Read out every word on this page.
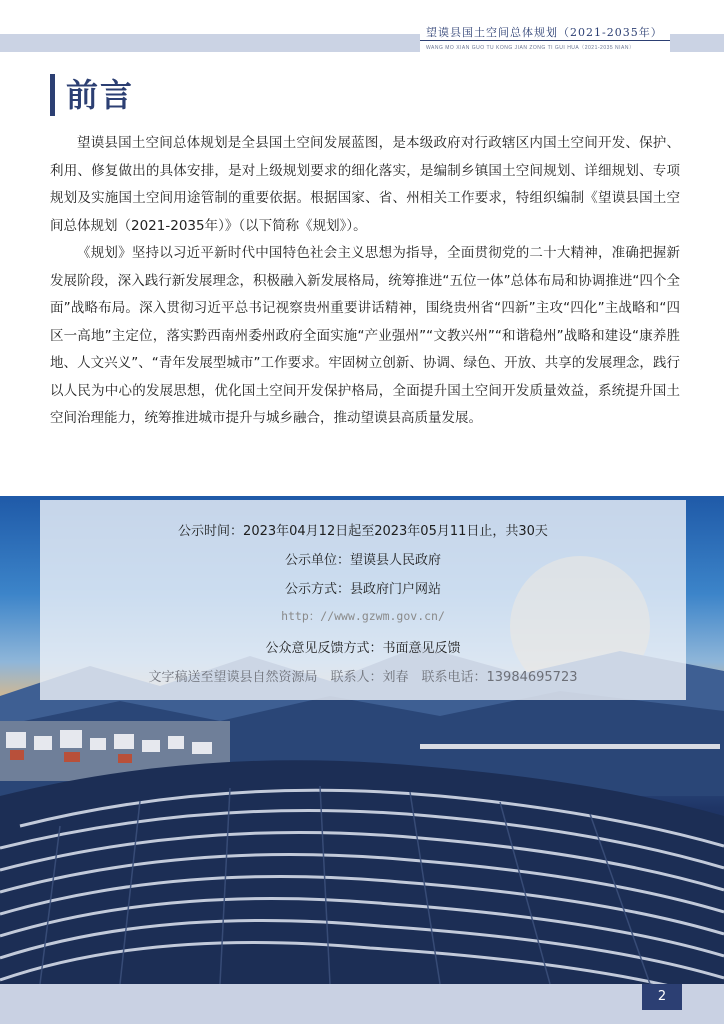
望谟县国土空间总体规划（2021-2035年）
WANG MO XIAN GUO TU KONG JIAN ZONG TI GUI HUA（2021-2035 NIAN）
前言

望谟县国土空间总体规划是全县国土空间发展蓝图，是本级政府对行政辖区内国土空间开发、保护、利用、修复做出的具体安排，是对上级规划要求的细化落实，是编制乡镇国土空间规划、详细规划、专项规划及实施国土空间用途管制的重要依据。根据国家、省、州相关工作要求，特组织编制《望谟县国土空间总体规划（2021-2035年）》（以下简称《规划》）。

《规划》坚持以习近平新时代中国特色社会主义思想为指导，全面贯彻党的二十大精神，准确把握新发展阶段，深入践行新发展理念，积极融入新发展格局，统筹推进“五位一体”总体布局和协调推进“四个全面”战略布局。深入贯彻习近平总书记视察贵州重要讲话精神，围绕贵州省“四新”主攻“四化”主战略和“四区一高地”主定位，落实黔西南州委州政府全面实施“产业强州”“文教兴州”“和谐稳州”战略和建设“康养胜地、人文兴义”、“青年发展型城市”工作要求。牢固树立创新、协调、绿色、开放、共享的发展理念，践行以人民为中心的发展思想，优化国土空间开发保护格局，全面提升国土空间开发质量效益，系统提升国土空间治理能力，统筹推进城市提升与城乡融合，推动望谟县高质量发展。

公示时间：2023年04月12日起至2023年05月11日止，共30天
公示单位：望谟县人民政府
公示方式：县政府门户网站
http：//www.gzwm.gov.cn/
公众意见反馈方式：书面意见反馈
文字稿送至望谟县自然资源局　联系人：刘春　联系电话：13984695723
2
